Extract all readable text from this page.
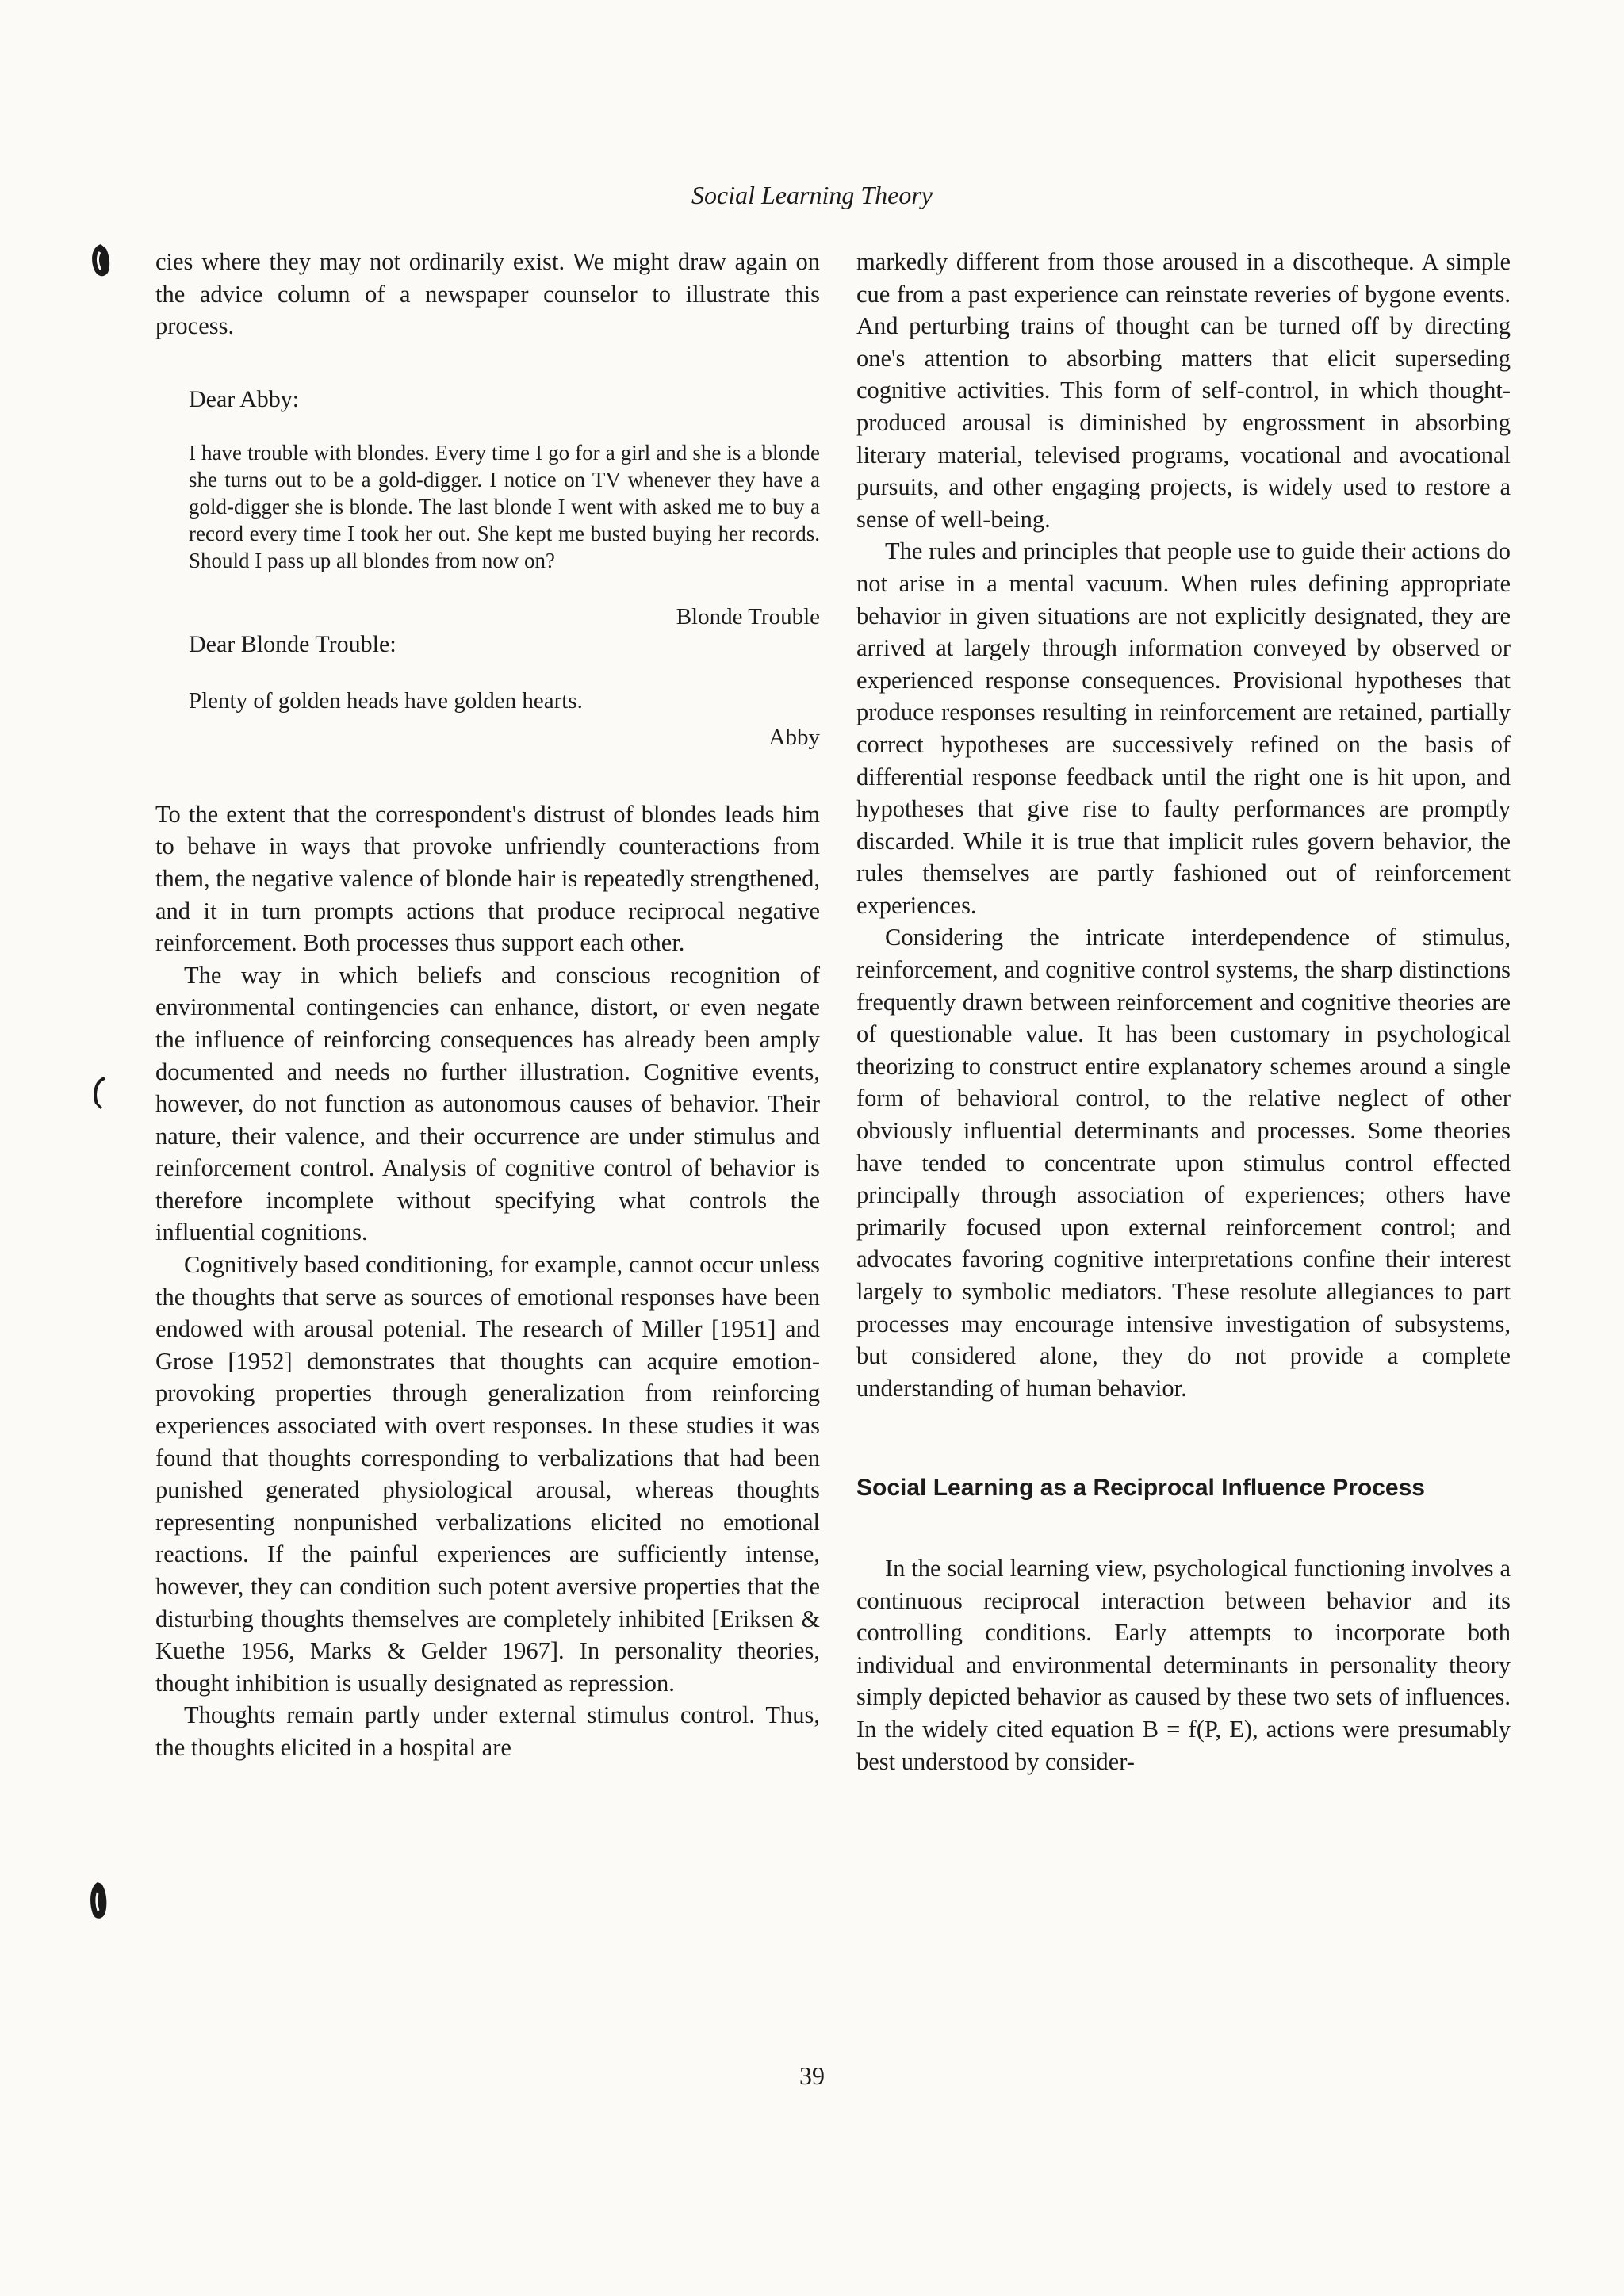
Social Learning Theory

cies where they may not ordinarily exist. We might draw again on the advice column of a newspaper counselor to illustrate this process.

Dear Abby:
I have trouble with blondes. Every time I go for a girl and she is a blonde she turns out to be a gold-digger. I notice on TV whenever they have a gold-digger she is blonde. The last blonde I went with asked me to buy a record every time I took her out. She kept me busted buying her records. Should I pass up all blondes from now on?
Blonde Trouble
Dear Blonde Trouble:
Plenty of golden heads have golden hearts.
Abby

To the extent that the correspondent's distrust of blondes leads him to behave in ways that provoke unfriendly counteractions from them, the negative valence of blonde hair is repeatedly strengthened, and it in turn prompts actions that produce reciprocal negative reinforcement. Both processes thus support each other.

The way in which beliefs and conscious recognition of environmental contingencies can enhance, distort, or even negate the influence of reinforcing consequences has already been amply documented and needs no further illustration. Cognitive events, however, do not function as autonomous causes of behavior. Their nature, their valence, and their occurrence are under stimulus and reinforcement control. Analysis of cognitive control of behavior is therefore incomplete without specifying what controls the influential cognitions.

Cognitively based conditioning, for example, cannot occur unless the thoughts that serve as sources of emotional responses have been endowed with arousal potenial. The research of Miller [1951] and Grose [1952] demonstrates that thoughts can acquire emotion-provoking properties through generalization from reinforcing experiences associated with overt responses. In these studies it was found that thoughts corresponding to verbalizations that had been punished generated physiological arousal, whereas thoughts representing nonpunished verbalizations elicited no emotional reactions. If the painful experiences are sufficiently intense, however, they can condition such potent aversive properties that the disturbing thoughts themselves are completely inhibited [Eriksen & Kuethe 1956, Marks & Gelder 1967]. In personality theories, thought inhibition is usually designated as repression.

Thoughts remain partly under external stimulus control. Thus, the thoughts elicited in a hospital are

markedly different from those aroused in a discotheque. A simple cue from a past experience can reinstate reveries of bygone events. And perturbing trains of thought can be turned off by directing one's attention to absorbing matters that elicit superseding cognitive activities. This form of self-control, in which thought-produced arousal is diminished by engrossment in absorbing literary material, televised programs, vocational and avocational pursuits, and other engaging projects, is widely used to restore a sense of well-being.

The rules and principles that people use to guide their actions do not arise in a mental vacuum. When rules defining appropriate behavior in given situations are not explicitly designated, they are arrived at largely through information conveyed by observed or experienced response consequences. Provisional hypotheses that produce responses resulting in reinforcement are retained, partially correct hypotheses are successively refined on the basis of differential response feedback until the right one is hit upon, and hypotheses that give rise to faulty performances are promptly discarded. While it is true that implicit rules govern behavior, the rules themselves are partly fashioned out of reinforcement experiences.

Considering the intricate interdependence of stimulus, reinforcement, and cognitive control systems, the sharp distinctions frequently drawn between reinforcement and cognitive theories are of questionable value. It has been customary in psychological theorizing to construct entire explanatory schemes around a single form of behavioral control, to the relative neglect of other obviously influential determinants and processes. Some theories have tended to concentrate upon stimulus control effected principally through association of experiences; others have primarily focused upon external reinforcement control; and advocates favoring cognitive interpretations confine their interest largely to symbolic mediators. These resolute allegiances to part processes may encourage intensive investigation of subsystems, but considered alone, they do not provide a complete understanding of human behavior.

Social Learning as a Reciprocal Influence Process

In the social learning view, psychological functioning involves a continuous reciprocal interaction between behavior and its controlling conditions. Early attempts to incorporate both individual and environmental determinants in personality theory simply depicted behavior as caused by these two sets of influences. In the widely cited equation B = f(P, E), actions were presumably best understood by consider-

39
